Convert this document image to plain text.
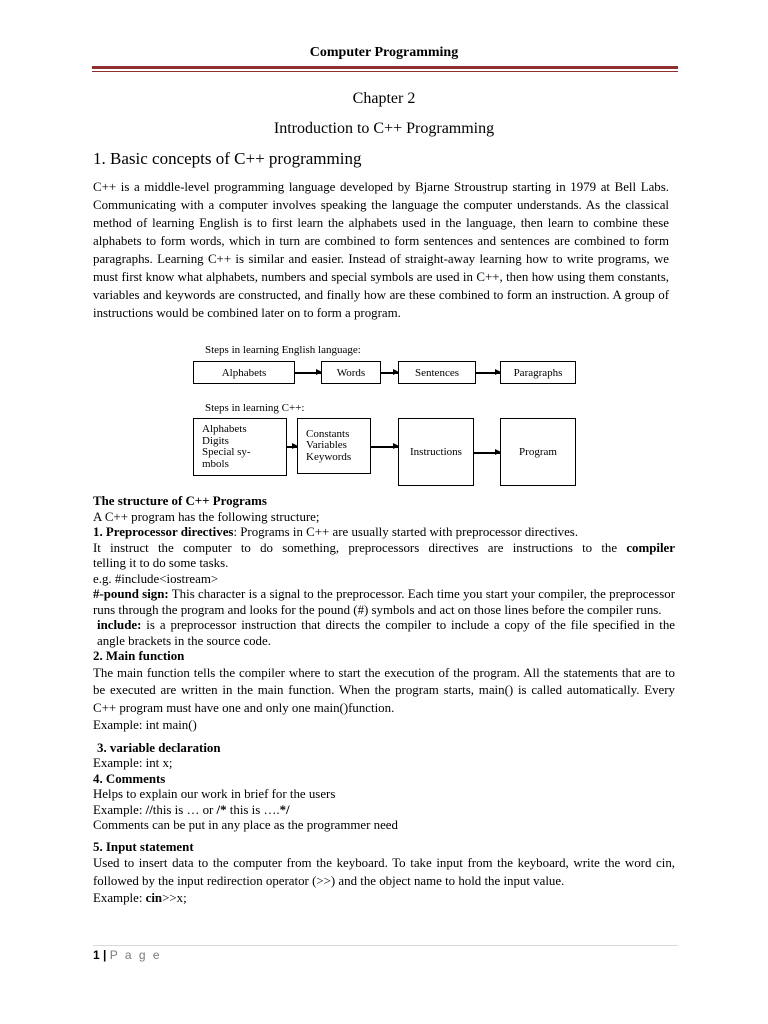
Computer Programming
Chapter 2
Introduction to C++ Programming
1. Basic concepts of C++ programming
C++ is a middle-level programming language developed by Bjarne Stroustrup starting in 1979 at Bell Labs. Communicating with a computer involves speaking the language the computer understands. As the classical method of learning English is to first learn the alphabets used in the language, then learn to combine these alphabets to form words, which in turn are combined to form sentences and sentences are combined to form paragraphs. Learning C++ is similar and easier. Instead of straight-away learning how to write programs, we must first know what alphabets, numbers and special symbols are used in C++, then how using them constants, variables and keywords are constructed, and finally how are these combined to form an instruction. A group of instructions would be combined later on to form a program.
Steps in learning English language:
Alphabets	Words	Sentences	Paragraphs
Steps in learning C++:
Alphabets
Digits
Special sy-
mbols
Constants
Variables
Keywords	Instructions	Program

The structure of C++ Programs

A C++ program has the following structure;

1. Preprocessor directives: Programs in C++ are usually started with preprocessor directives.

It instruct the computer to do something, preprocessors directives are instructions to the compiler

telling it to do some tasks.

e.g. #include<iostream>

#-pound sign: This character is a signal to the preprocessor. Each time you start your compiler, the preprocessor runs through the program and looks for the pound (#) symbols and act on those lines before the compiler runs.

include: is a preprocessor instruction that directs the compiler to include a copy of the file specified in the angle brackets in the source code.

2. Main function

The main function tells the compiler where to start the execution of the program. All the statements that are to be executed are written in the main function. When the program starts, main() is called automatically. Every C++ program must have one and only one main()function.

Example: int main()

3. variable declaration

Example: int x;

4. Comments

Helps to explain our work in brief for the users

Example: //this is … or /* this is ….*/

Comments can be put in any place as the programmer need

5. Input statement

Used to insert data to the computer from the keyboard. To take input from the keyboard, write the word cin, followed by the input redirection operator (>>) and the object name to hold the input value.

Example: cin>>x;

1 | P a g e
